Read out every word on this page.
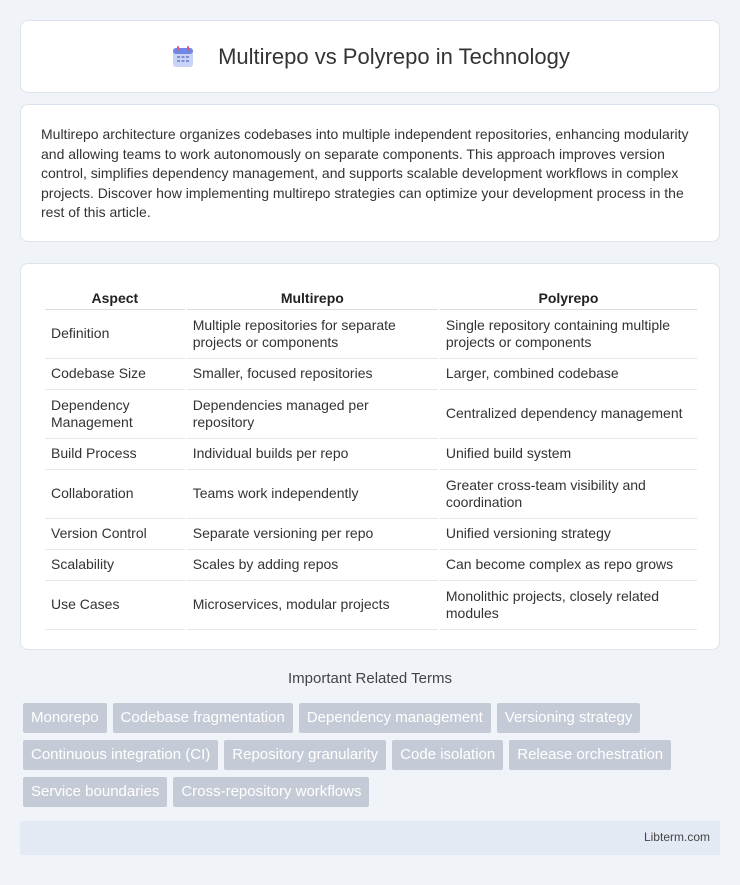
Multirepo vs Polyrepo in Technology

Multirepo architecture organizes codebases into multiple independent repositories, enhancing modularity and allowing teams to work autonomously on separate components. This approach improves version control, simplifies dependency management, and supports scalable development workflows in complex projects. Discover how implementing multirepo strategies can optimize your development process in the rest of this article.

Aspect	Multirepo	Polyrepo
Definition	Multiple repositories for separate projects or components	Single repository containing multiple projects or components
Codebase Size	Smaller, focused repositories	Larger, combined codebase
Dependency Management	Dependencies managed per repository	Centralized dependency management
Build Process	Individual builds per repo	Unified build system
Collaboration	Teams work independently	Greater cross-team visibility and coordination
Version Control	Separate versioning per repo	Unified versioning strategy
Scalability	Scales by adding repos	Can become complex as repo grows
Use Cases	Microservices, modular projects	Monolithic projects, closely related modules
Important Related Terms
Monorepo	Codebase fragmentation	Dependency management	Versioning strategy
Continuous integration (CI)	Repository granularity	Code isolation	Release orchestration
Service boundaries	Cross-repository workflows
Libterm.com
